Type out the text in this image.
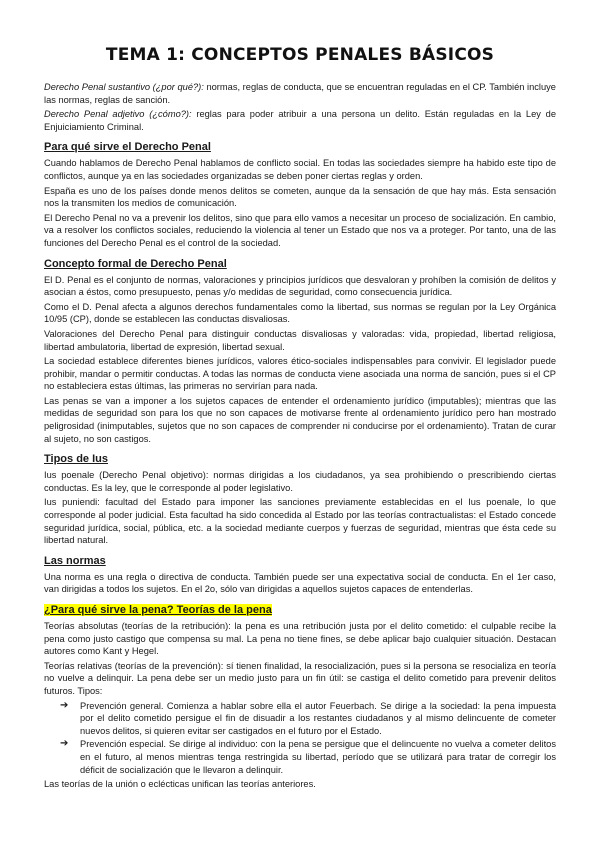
TEMA 1: CONCEPTOS PENALES BÁSICOS

Derecho Penal sustantivo (¿por qué?): normas, reglas de conducta, que se encuentran reguladas en el CP. También incluye las normas, reglas de sanción.

Derecho Penal adjetivo (¿cómo?): reglas para poder atribuir a una persona un delito. Están reguladas en la Ley de Enjuiciamiento Criminal.

Para qué sirve el Derecho Penal

Cuando hablamos de Derecho Penal hablamos de conflicto social. En todas las sociedades siempre ha habido este tipo de conflictos, aunque ya en las sociedades organizadas se deben poner ciertas reglas y orden.

España es uno de los países donde menos delitos se cometen, aunque da la sensación de que hay más. Esta sensación nos la transmiten los medios de comunicación.

El Derecho Penal no va a prevenir los delitos, sino que para ello vamos a necesitar un proceso de socialización. En cambio, va a resolver los conflictos sociales, reduciendo la violencia al tener un Estado que nos va a proteger. Por tanto, una de las funciones del Derecho Penal es el control de la sociedad.

Concepto formal de Derecho Penal

El D. Penal es el conjunto de normas, valoraciones y principios jurídicos que desvaloran y prohíben la comisión de delitos y asocian a éstos, como presupuesto, penas y/o medidas de seguridad, como consecuencia jurídica.

Como el D. Penal afecta a algunos derechos fundamentales como la libertad, sus normas se regulan por la Ley Orgánica 10/95 (CP), donde se establecen las conductas disvaliosas.

Valoraciones del Derecho Penal para distinguir conductas disvaliosas y valoradas: vida, propiedad, libertad religiosa, libertad ambulatoria, libertad de expresión, libertad sexual.

La sociedad establece diferentes bienes jurídicos, valores ético-sociales indispensables para convivir. El legislador puede prohibir, mandar o permitir conductas. A todas las normas de conducta viene asociada una norma de sanción, pues si el CP no estableciera estas últimas, las primeras no servirían para nada.

Las penas se van a imponer a los sujetos capaces de entender el ordenamiento jurídico (imputables); mientras que las medidas de seguridad son para los que no son capaces de motivarse frente al ordenamiento jurídico pero han mostrado peligrosidad (inimputables, sujetos que no son capaces de comprender ni conducirse por el ordenamiento). Tratan de curar al sujeto, no son castigos.

Tipos de Ius

Ius poenale (Derecho Penal objetivo): normas dirigidas a los ciudadanos, ya sea prohibiendo o prescribiendo ciertas conductas. Es la ley, que le corresponde al poder legislativo.

Ius puniendi: facultad del Estado para imponer las sanciones previamente establecidas en el Ius poenale, lo que corresponde al poder judicial. Esta facultad ha sido concedida al Estado por las teorías contractualistas: el Estado concede seguridad jurídica, social, pública, etc. a la sociedad mediante cuerpos y fuerzas de seguridad, mientras que ésta cede su libertad natural.

Las normas

Una norma es una regla o directiva de conducta. También puede ser una expectativa social de conducta. En el 1er caso, van dirigidas a todos los sujetos. En el 2o, sólo van dirigidas a aquellos sujetos capaces de entenderlas.

¿Para qué sirve la pena? Teorías de la pena

Teorías absolutas (teorías de la retribución): la pena es una retribución justa por el delito cometido: el culpable recibe la pena como justo castigo que compensa su mal. La pena no tiene fines, se debe aplicar bajo cualquier situación. Destacan autores como Kant y Hegel.

Teorías relativas (teorías de la prevención): sí tienen finalidad, la resocialización, pues si la persona se resocializa en teoría no vuelve a delinquir. La pena debe ser un medio justo para un fin útil: se castiga el delito cometido para prevenir delitos futuros. Tipos:

➔ Prevención general. Comienza a hablar sobre ella el autor Feuerbach. Se dirige a la sociedad: la pena impuesta por el delito cometido persigue el fin de disuadir a los restantes ciudadanos y al mismo delincuente de cometer nuevos delitos, si quieren evitar ser castigados en el futuro por el Estado.
➔ Prevención especial. Se dirige al individuo: con la pena se persigue que el delincuente no vuelva a cometer delitos en el futuro, al menos mientras tenga restringida su libertad, período que se utilizará para tratar de corregir los déficit de socialización que le llevaron a delinquir.

Las teorías de la unión o eclécticas unifican las teorías anteriores.
